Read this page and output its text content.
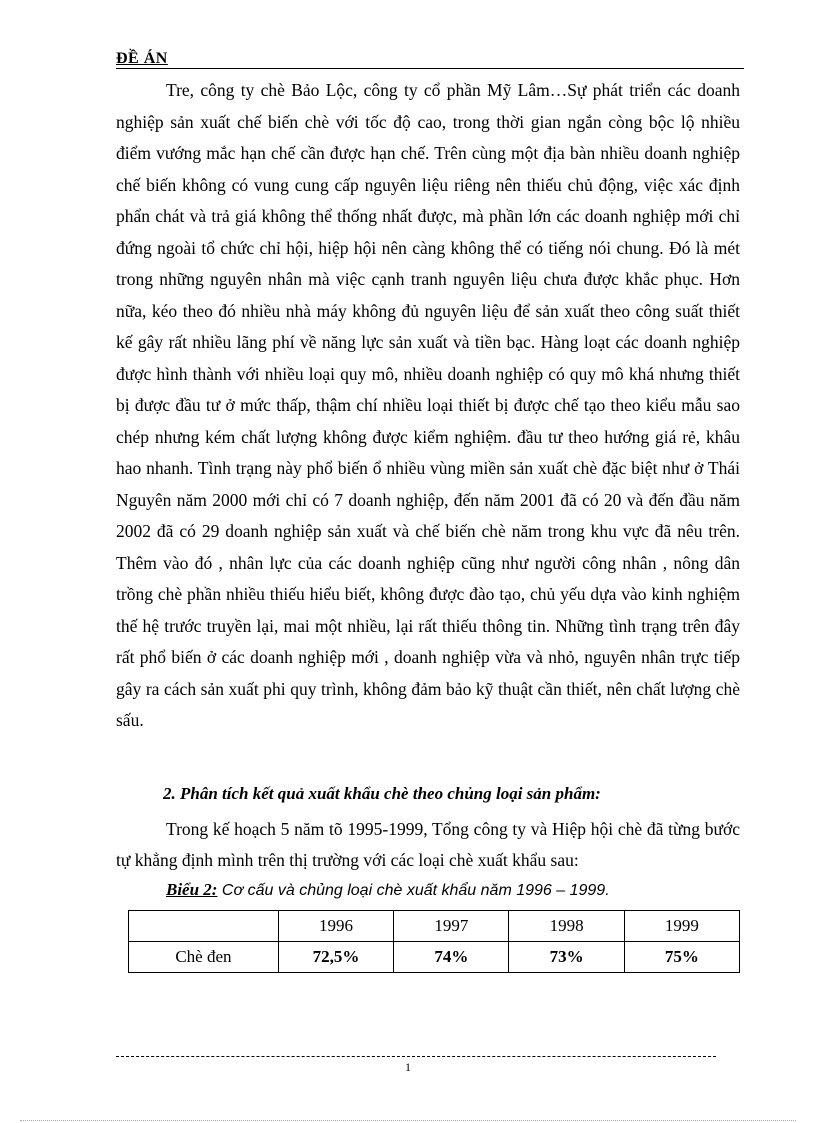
ĐỀ ÁN

Tre, công ty chè Bảo Lộc, công ty cổ phần Mỹ Lâm…Sự phát triển các doanh nghiệp sản xuất chế biến chè với tốc độ cao, trong thời gian ngắn còng bộc lộ nhiều điểm vướng mắc hạn chế cần được hạn chế. Trên cùng một địa bàn nhiều doanh nghiệp chế biến không có vung cung cấp nguyên liệu riêng nên thiếu chủ động, việc xác định phẩn chát và trả giá không thể thống nhất được, mà phần lớn các doanh nghiệp mới chỉ đứng ngoài tổ chức chỉ hội, hiệp hội nên càng không thể có tiếng nói chung. Đó là mét trong những nguyên nhân mà việc cạnh tranh nguyên liệu chưa được khắc phục. Hơn nữa, kéo theo đó nhiều nhà máy không đủ nguyên liệu để sản xuất theo công suất thiết kế gây rất nhiều lãng phí về năng lực sản xuất và tiền bạc. Hàng loạt các doanh nghiệp được hình thành với nhiều loại quy mô, nhiều doanh nghiệp có quy mô khá nhưng thiết bị được đầu tư ở mức thấp, thậm chí nhiều loại thiết bị được chế tạo theo kiểu mẫu sao chép nhưng kém chất lượng không được kiểm nghiệm. đầu tư theo hướng giá rẻ, khâu hao nhanh. Tình trạng này phổ biến ổ nhiều vùng miền sản xuất chè đặc biệt như ở Thái Nguyên năm 2000 mới chỉ có 7 doanh nghiệp, đến năm 2001 đã có 20 và đến đầu năm 2002 đã có 29 doanh nghiệp sản xuất và chế biến chè năm trong khu vực đã nêu trên. Thêm vào đó , nhân lực của các doanh nghiệp cũng như người công nhân , nông dân trồng chè phần nhiều thiếu hiểu biết, không được đào tạo, chủ yếu dựa vào kinh nghiệm thế hệ trước truyền lại, mai một nhiều, lại rất thiếu thông tin. Những tình trạng trên đây rất phổ biến ở các doanh nghiệp mới , doanh nghiệp vừa và nhỏ, nguyên nhân trực tiếp gây ra cách sản xuất phi quy trình, không đảm bảo kỹ thuật cần thiết, nên chất lượng chè sấu.

2. Phân tích kết quả xuất khẩu chè theo chủng loại sản phẩm:

Trong kế hoạch 5 năm tõ 1995-1999, Tổng công ty và Hiệp hội chè đã từng bước tự khẳng định mình trên thị trường với các loại chè xuất khẩu sau:

Biểu 2: Cơ cấu và chủng loại chè xuất khẩu năm 1996 – 1999.
	1996	1997	1998	1999
Chè đen	72,5%	74%	73%	75%
1
